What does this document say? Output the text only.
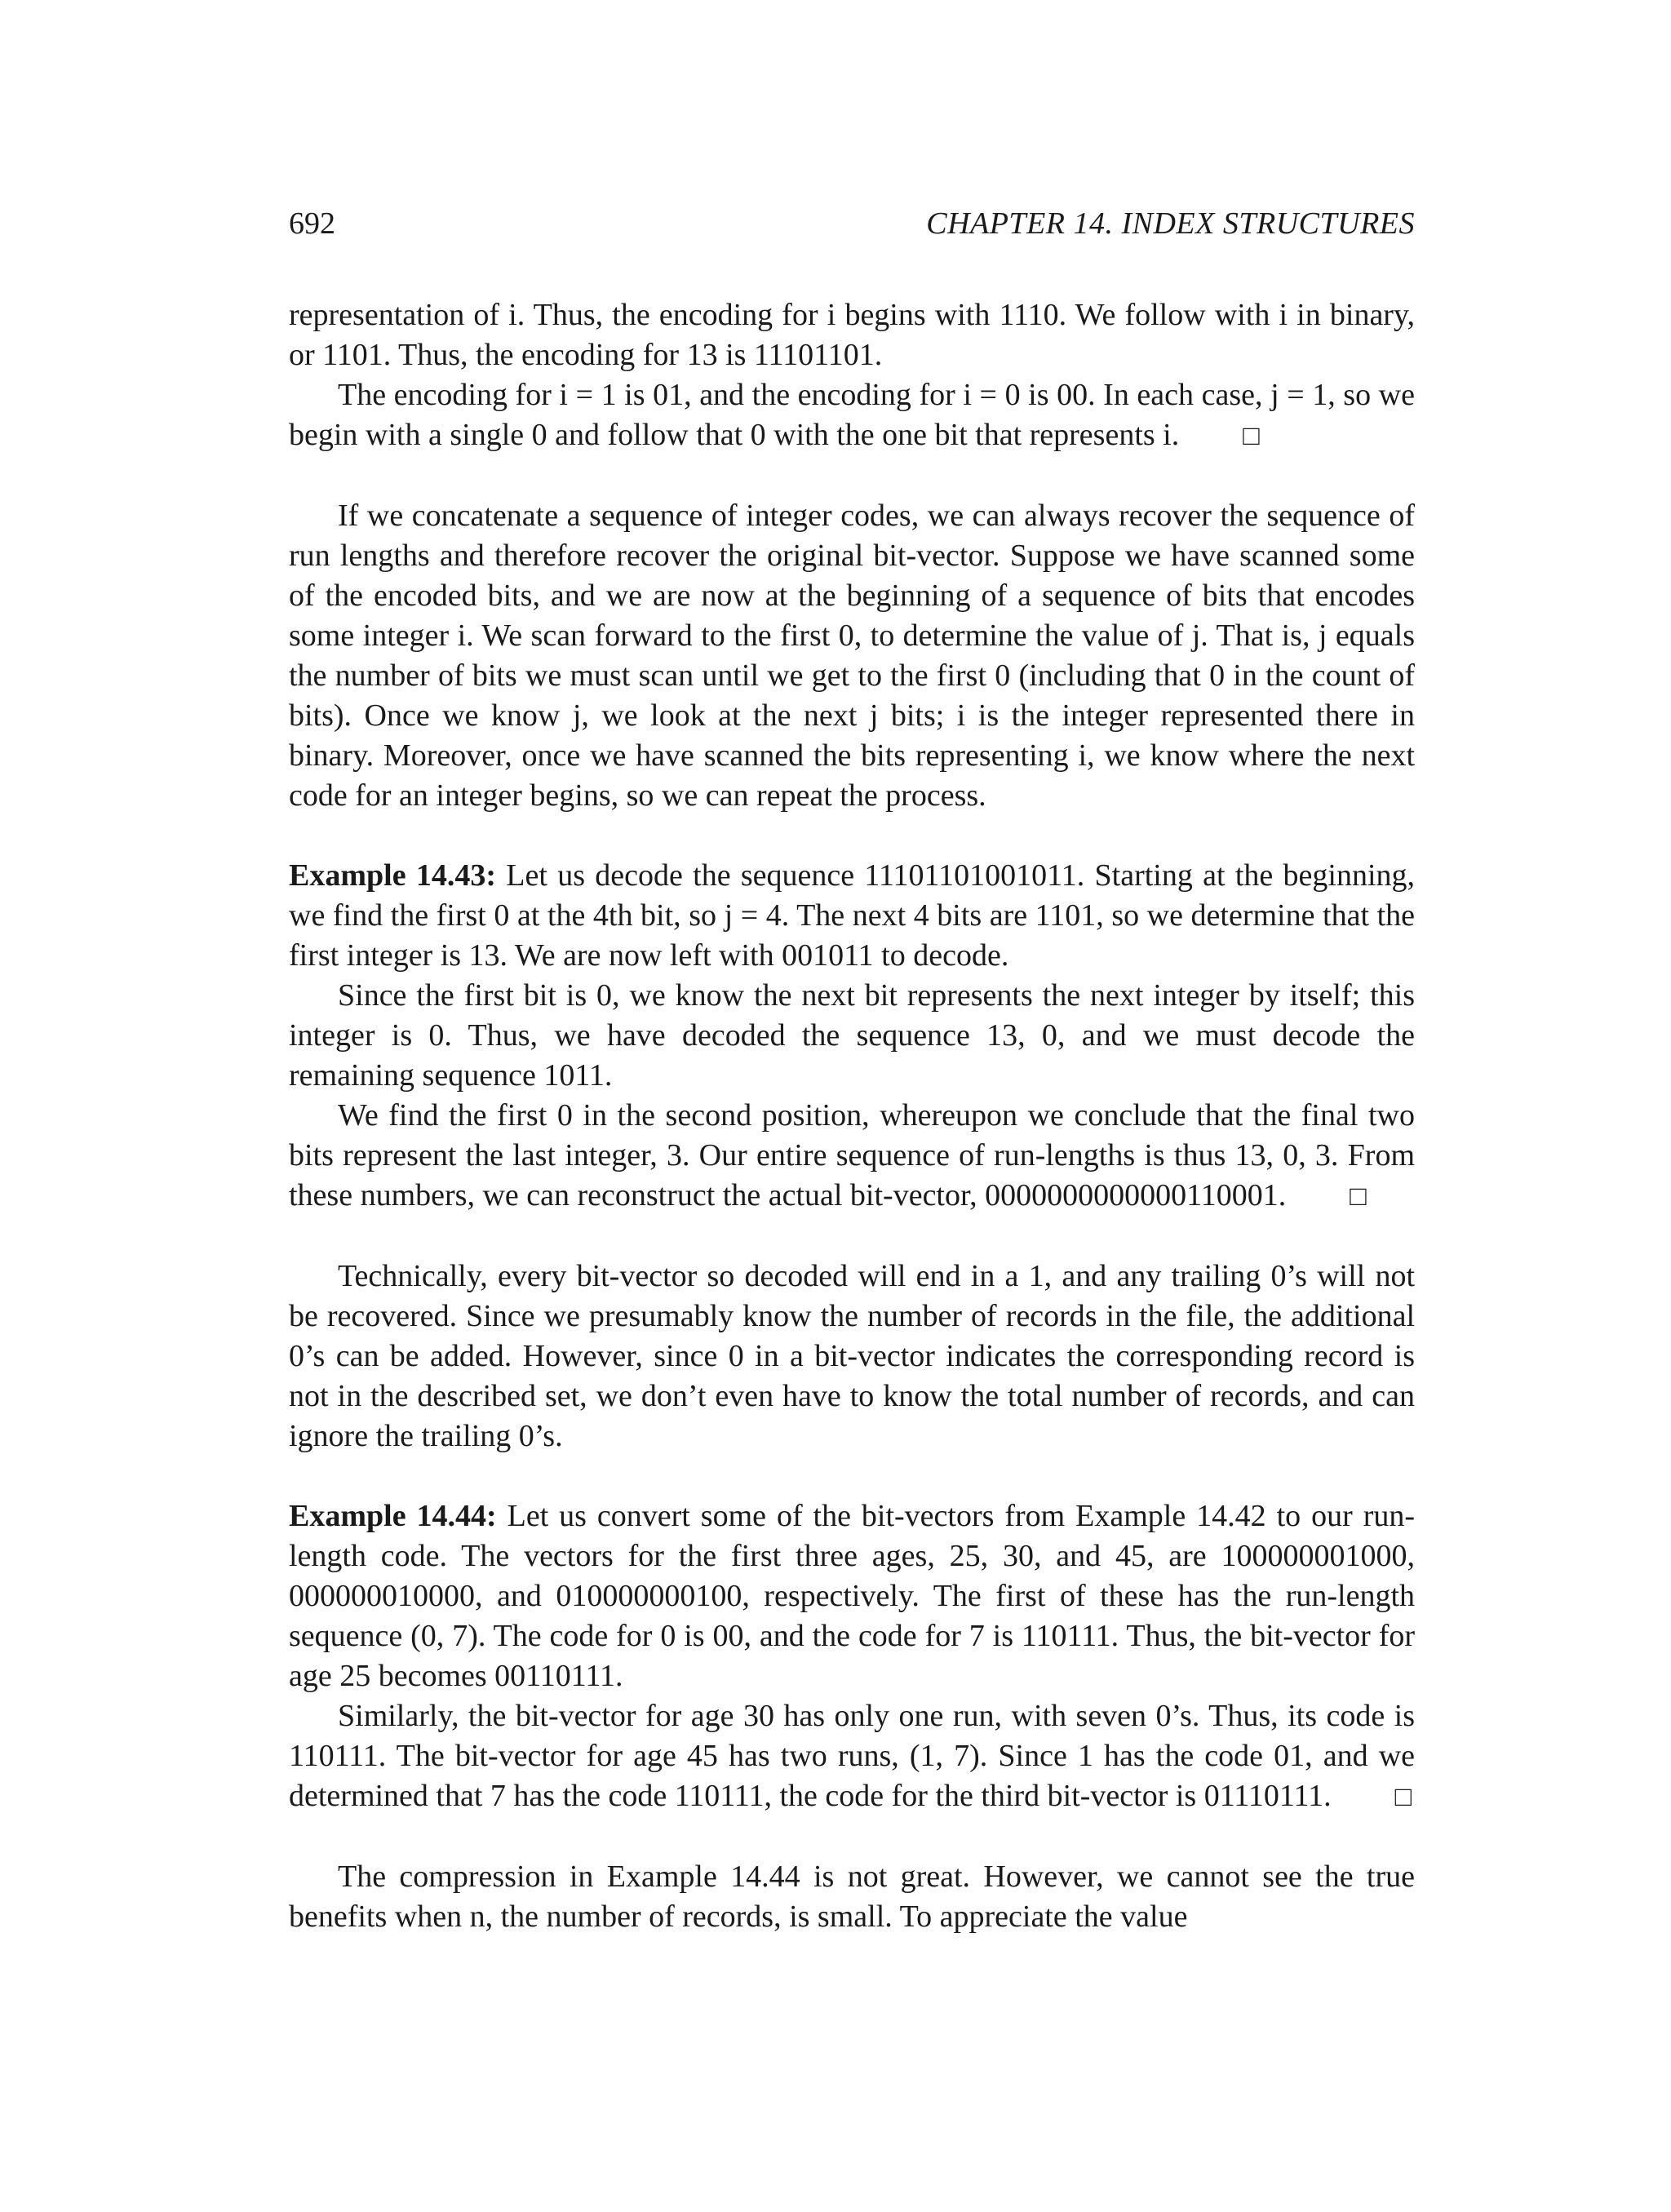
692	CHAPTER 14. INDEX STRUCTURES

representation of i. Thus, the encoding for i begins with 1110. We follow with i in binary, or 1101. Thus, the encoding for 13 is 11101101.

The encoding for i = 1 is 01, and the encoding for i = 0 is 00. In each case, j = 1, so we begin with a single 0 and follow that 0 with the one bit that represents i. □

If we concatenate a sequence of integer codes, we can always recover the sequence of run lengths and therefore recover the original bit-vector. Suppose we have scanned some of the encoded bits, and we are now at the beginning of a sequence of bits that encodes some integer i. We scan forward to the first 0, to determine the value of j. That is, j equals the number of bits we must scan until we get to the first 0 (including that 0 in the count of bits). Once we know j, we look at the next j bits; i is the integer represented there in binary. Moreover, once we have scanned the bits representing i, we know where the next code for an integer begins, so we can repeat the process.

Example 14.43: Let us decode the sequence 11101101001011. Starting at the beginning, we find the first 0 at the 4th bit, so j = 4. The next 4 bits are 1101, so we determine that the first integer is 13. We are now left with 001011 to decode.

Since the first bit is 0, we know the next bit represents the next integer by itself; this integer is 0. Thus, we have decoded the sequence 13, 0, and we must decode the remaining sequence 1011.

We find the first 0 in the second position, whereupon we conclude that the final two bits represent the last integer, 3. Our entire sequence of run-lengths is thus 13, 0, 3. From these numbers, we can reconstruct the actual bit-vector, 0000000000000110001. □

Technically, every bit-vector so decoded will end in a 1, and any trailing 0’s will not be recovered. Since we presumably know the number of records in the file, the additional 0’s can be added. However, since 0 in a bit-vector indicates the corresponding record is not in the described set, we don’t even have to know the total number of records, and can ignore the trailing 0’s.

Example 14.44: Let us convert some of the bit-vectors from Example 14.42 to our run-length code. The vectors for the first three ages, 25, 30, and 45, are 100000001000, 000000010000, and 010000000100, respectively. The first of these has the run-length sequence (0, 7). The code for 0 is 00, and the code for 7 is 110111. Thus, the bit-vector for age 25 becomes 00110111.

Similarly, the bit-vector for age 30 has only one run, with seven 0’s. Thus, its code is 110111. The bit-vector for age 45 has two runs, (1, 7). Since 1 has the code 01, and we determined that 7 has the code 110111, the code for the third bit-vector is 01110111. □

The compression in Example 14.44 is not great. However, we cannot see the true benefits when n, the number of records, is small. To appreciate the value
